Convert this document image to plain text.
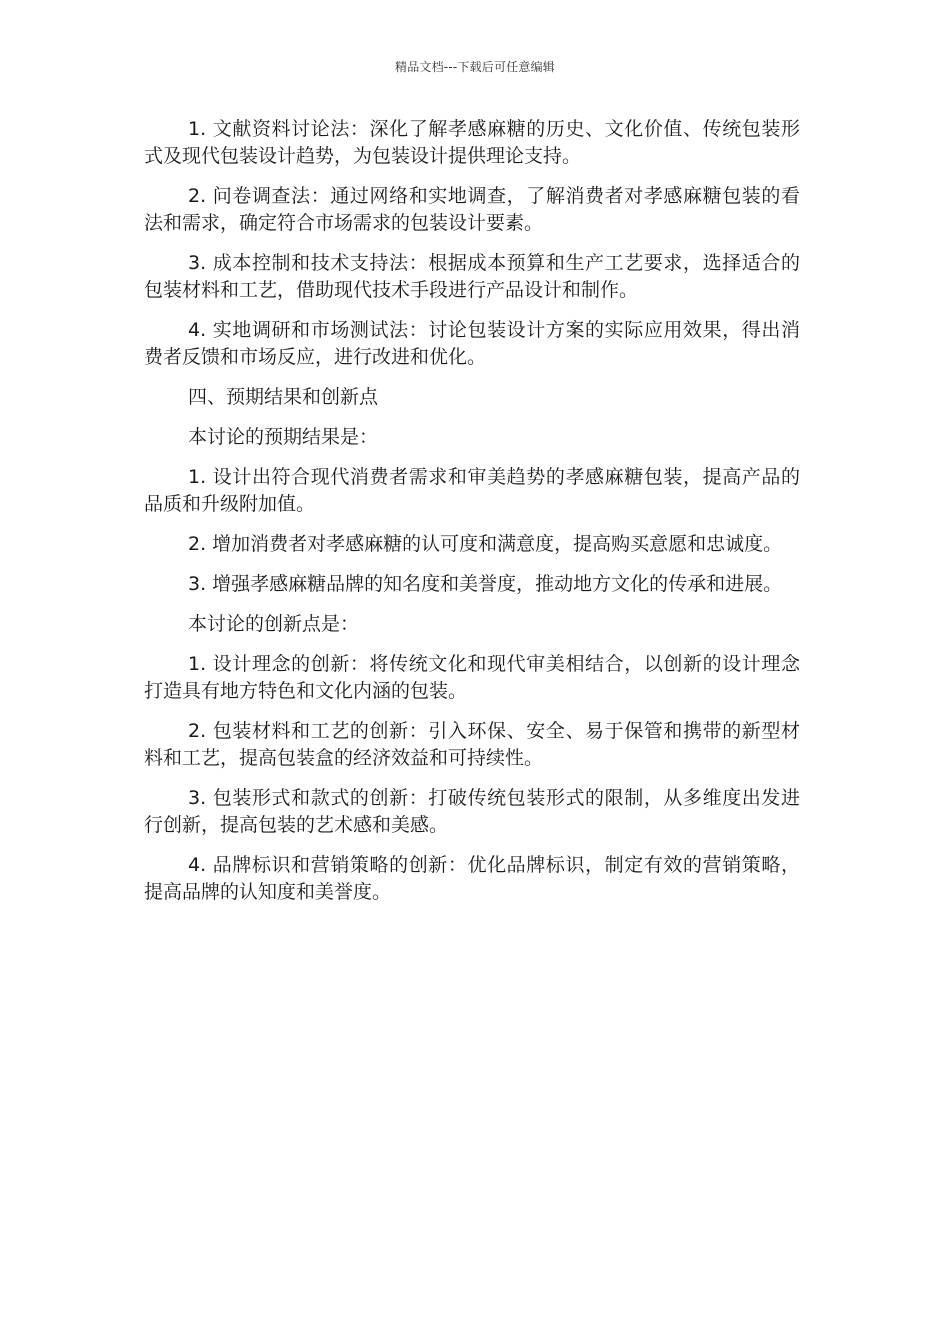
精品文档---下载后可任意编辑

1. 文献资料讨论法：深化了解孝感麻糖的历史、文化价值、传统包装形式及现代包装设计趋势，为包装设计提供理论支持。

2. 问卷调查法：通过网络和实地调查，了解消费者对孝感麻糖包装的看法和需求，确定符合市场需求的包装设计要素。

3. 成本控制和技术支持法：根据成本预算和生产工艺要求，选择适合的包装材料和工艺，借助现代技术手段进行产品设计和制作。

4. 实地调研和市场测试法：讨论包装设计方案的实际应用效果，得出消费者反馈和市场反应，进行改进和优化。

四、预期结果和创新点

本讨论的预期结果是：

1. 设计出符合现代消费者需求和审美趋势的孝感麻糖包装，提高产品的品质和升级附加值。

2. 增加消费者对孝感麻糖的认可度和满意度，提高购买意愿和忠诚度。

3. 增强孝感麻糖品牌的知名度和美誉度，推动地方文化的传承和进展。

本讨论的创新点是：

1. 设计理念的创新：将传统文化和现代审美相结合，以创新的设计理念打造具有地方特色和文化内涵的包装。

2. 包装材料和工艺的创新：引入环保、安全、易于保管和携带的新型材料和工艺，提高包装盒的经济效益和可持续性。

3. 包装形式和款式的创新：打破传统包装形式的限制，从多维度出发进行创新，提高包装的艺术感和美感。

4. 品牌标识和营销策略的创新：优化品牌标识，制定有效的营销策略，提高品牌的认知度和美誉度。
